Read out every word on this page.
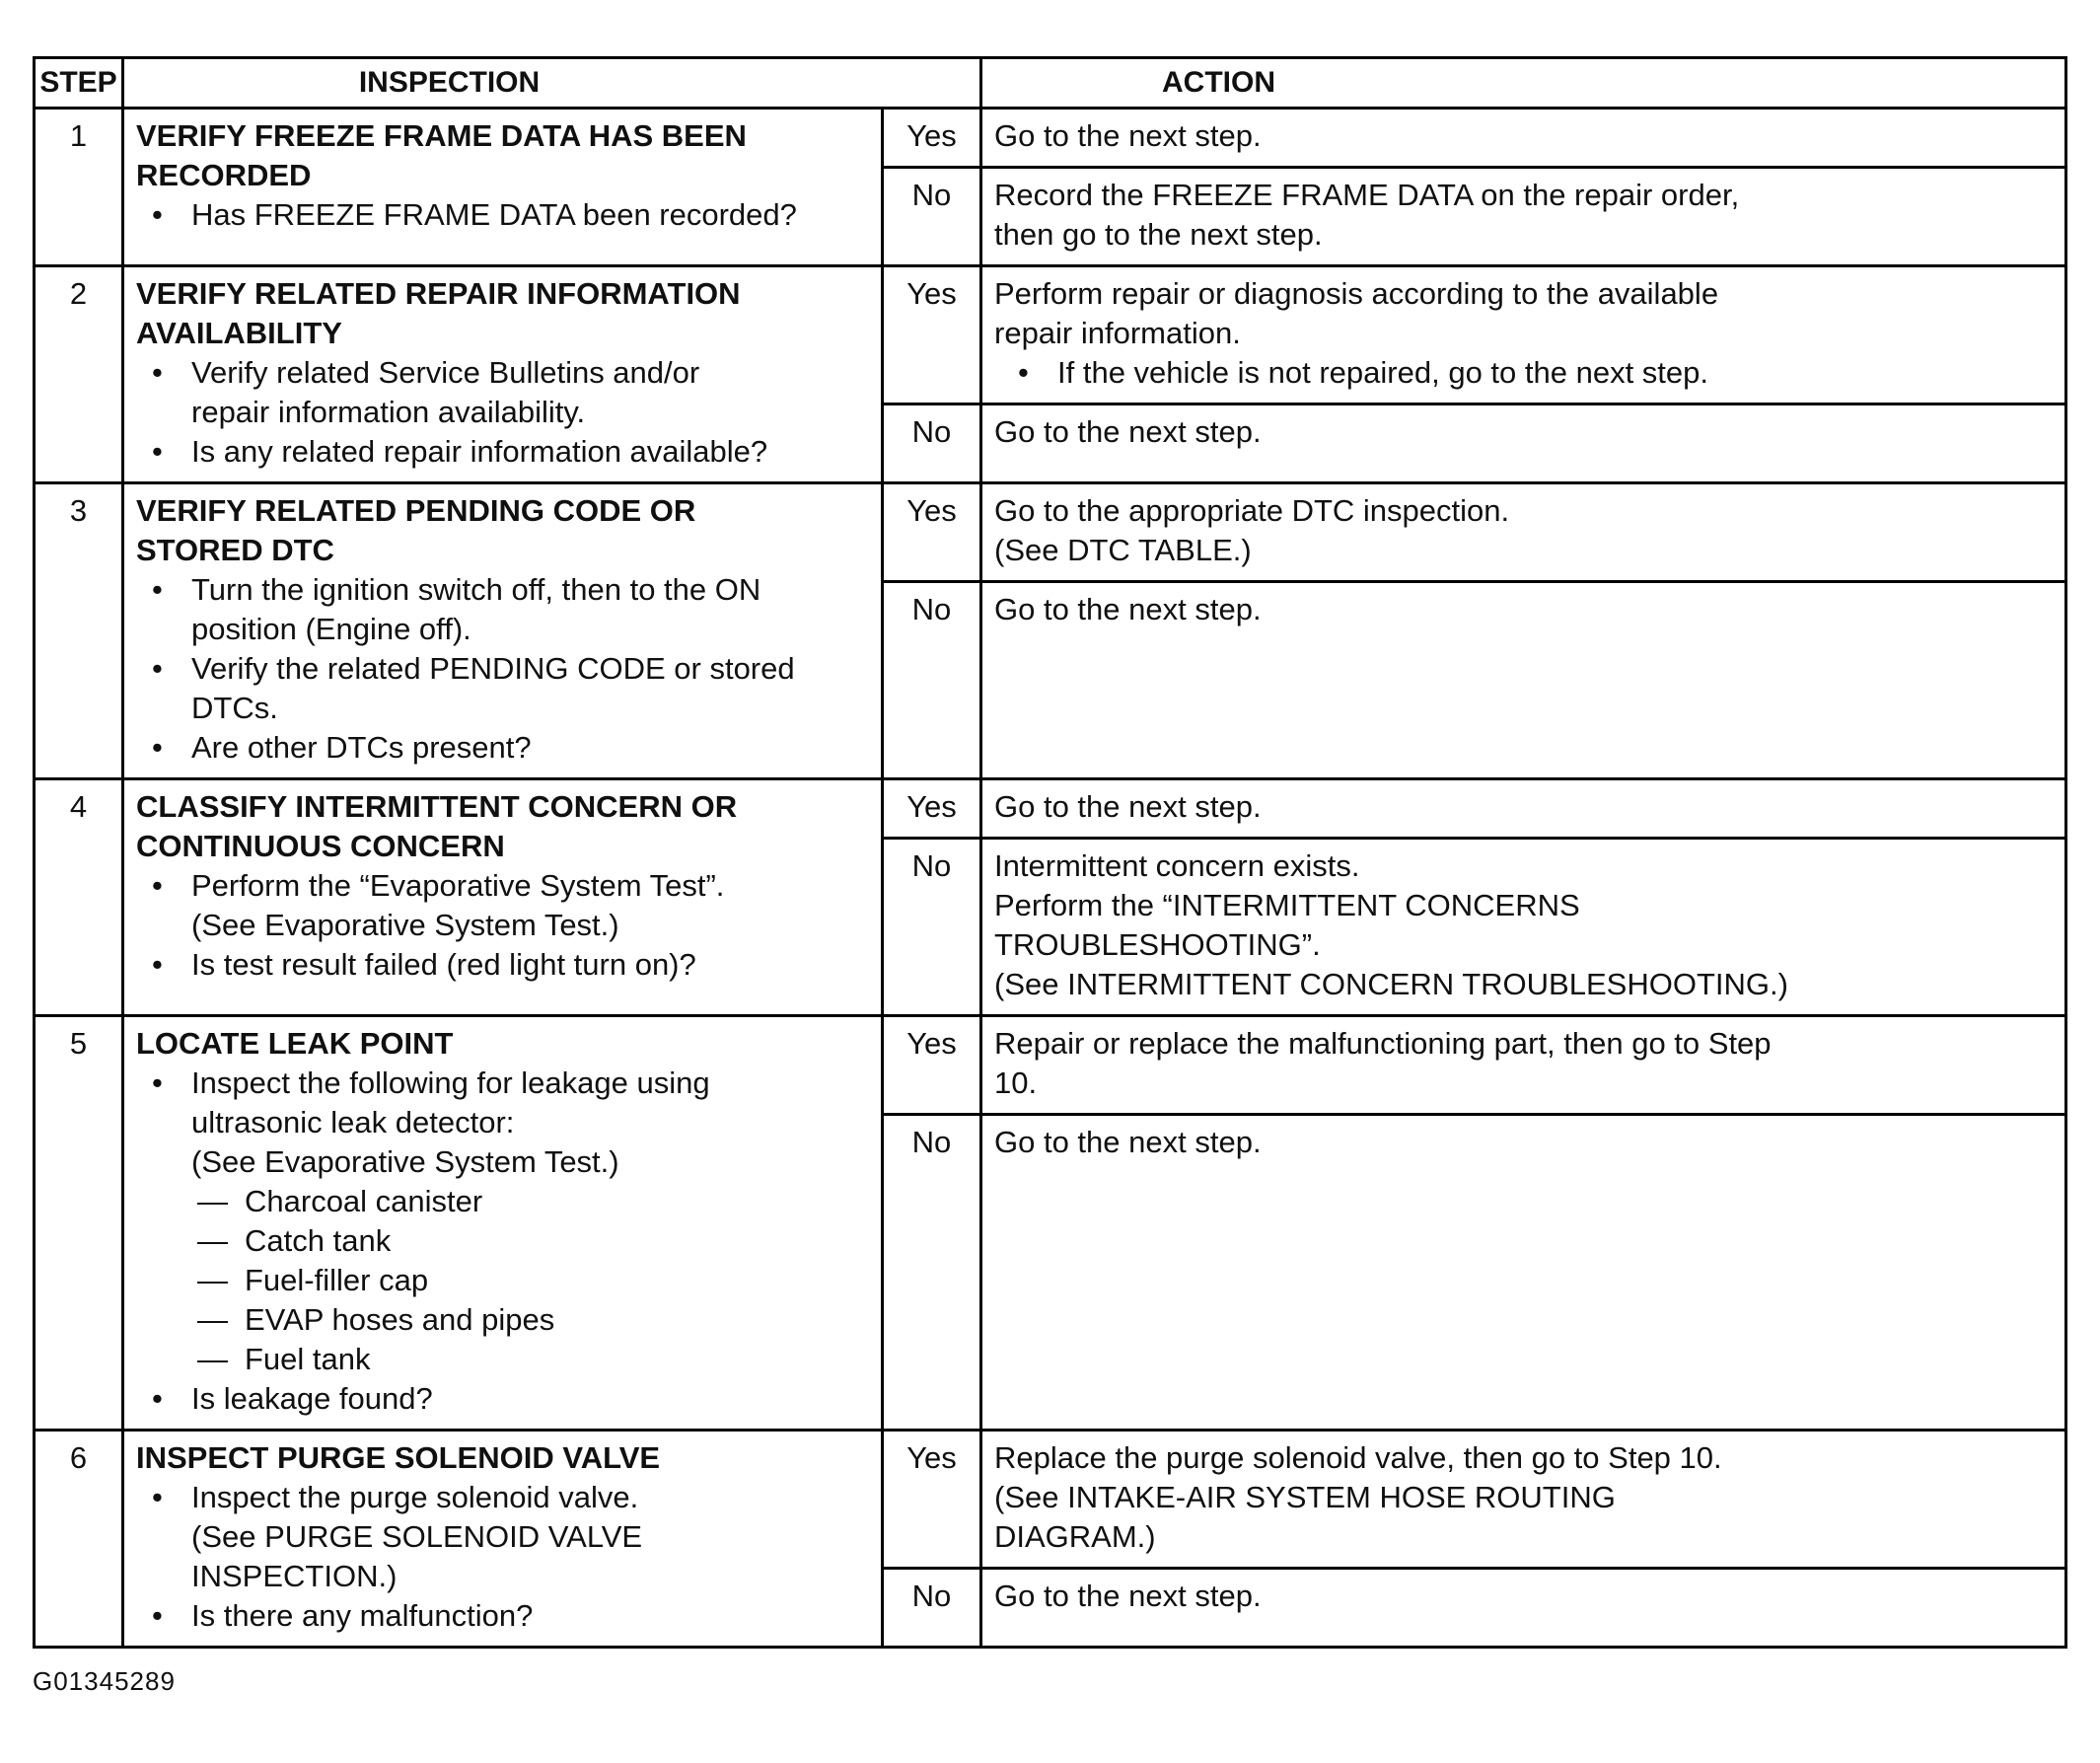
STEP	INSPECTION	ACTION
1	VERIFY FREEZE FRAME DATA HAS BEEN
RECORDED
• Has FREEZE FRAME DATA been recorded?
Yes	Go to the next step.
No	Record the FREEZE FRAME DATA on the repair order,
then go to the next step.
2	VERIFY RELATED REPAIR INFORMATION
AVAILABILITY
• Verify related Service Bulletins and/or
repair information availability.
• Is any related repair information available?
Yes	Perform repair or diagnosis according to the available
repair information.
• If the vehicle is not repaired, go to the next step.
No	Go to the next step.
3	VERIFY RELATED PENDING CODE OR
STORED DTC
• Turn the ignition switch off, then to the ON
position (Engine off).
• Verify the related PENDING CODE or stored
DTCs.
• Are other DTCs present?
Yes	Go to the appropriate DTC inspection.
(See DTC TABLE.)
No	Go to the next step.
4	CLASSIFY INTERMITTENT CONCERN OR
CONTINUOUS CONCERN
• Perform the “Evaporative System Test”.
(See Evaporative System Test.)
• Is test result failed (red light turn on)?
Yes	Go to the next step.
No	Intermittent concern exists.
Perform the “INTERMITTENT CONCERNS
TROUBLESHOOTING”.
(See INTERMITTENT CONCERN TROUBLESHOOTING.)
5	LOCATE LEAK POINT
• Inspect the following for leakage using
ultrasonic leak detector:
(See Evaporative System Test.)
— Charcoal canister
— Catch tank
— Fuel-filler cap
— EVAP hoses and pipes
— Fuel tank
• Is leakage found?
Yes	Repair or replace the malfunctioning part, then go to Step
10.
No	Go to the next step.
6	INSPECT PURGE SOLENOID VALVE
• Inspect the purge solenoid valve.
(See PURGE SOLENOID VALVE
INSPECTION.)
• Is there any malfunction?
Yes	Replace the purge solenoid valve, then go to Step 10.
(See INTAKE-AIR SYSTEM HOSE ROUTING
DIAGRAM.)
No	Go to the next step.
G01345289
